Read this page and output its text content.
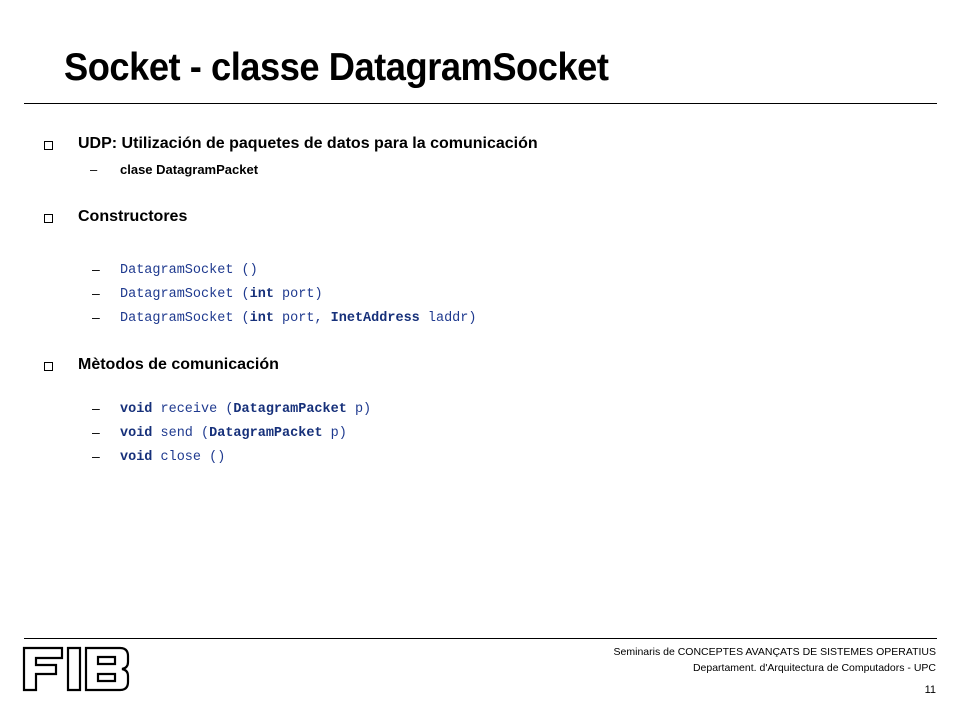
Socket - classe DatagramSocket
UDP: Utilización de paquetes de datos para la comunicación
– clase DatagramPacket
Constructores
– DatagramSocket ()
– DatagramSocket (int port)
– DatagramSocket (int port, InetAddress laddr)
Mètodos de comunicación
– void receive (DatagramPacket p)
– void send (DatagramPacket p)
– void close ()
Seminaris de CONCEPTES AVANÇATS DE SISTEMES OPERATIUS
Departament. d'Arquitectura de Computadors - UPC
11
